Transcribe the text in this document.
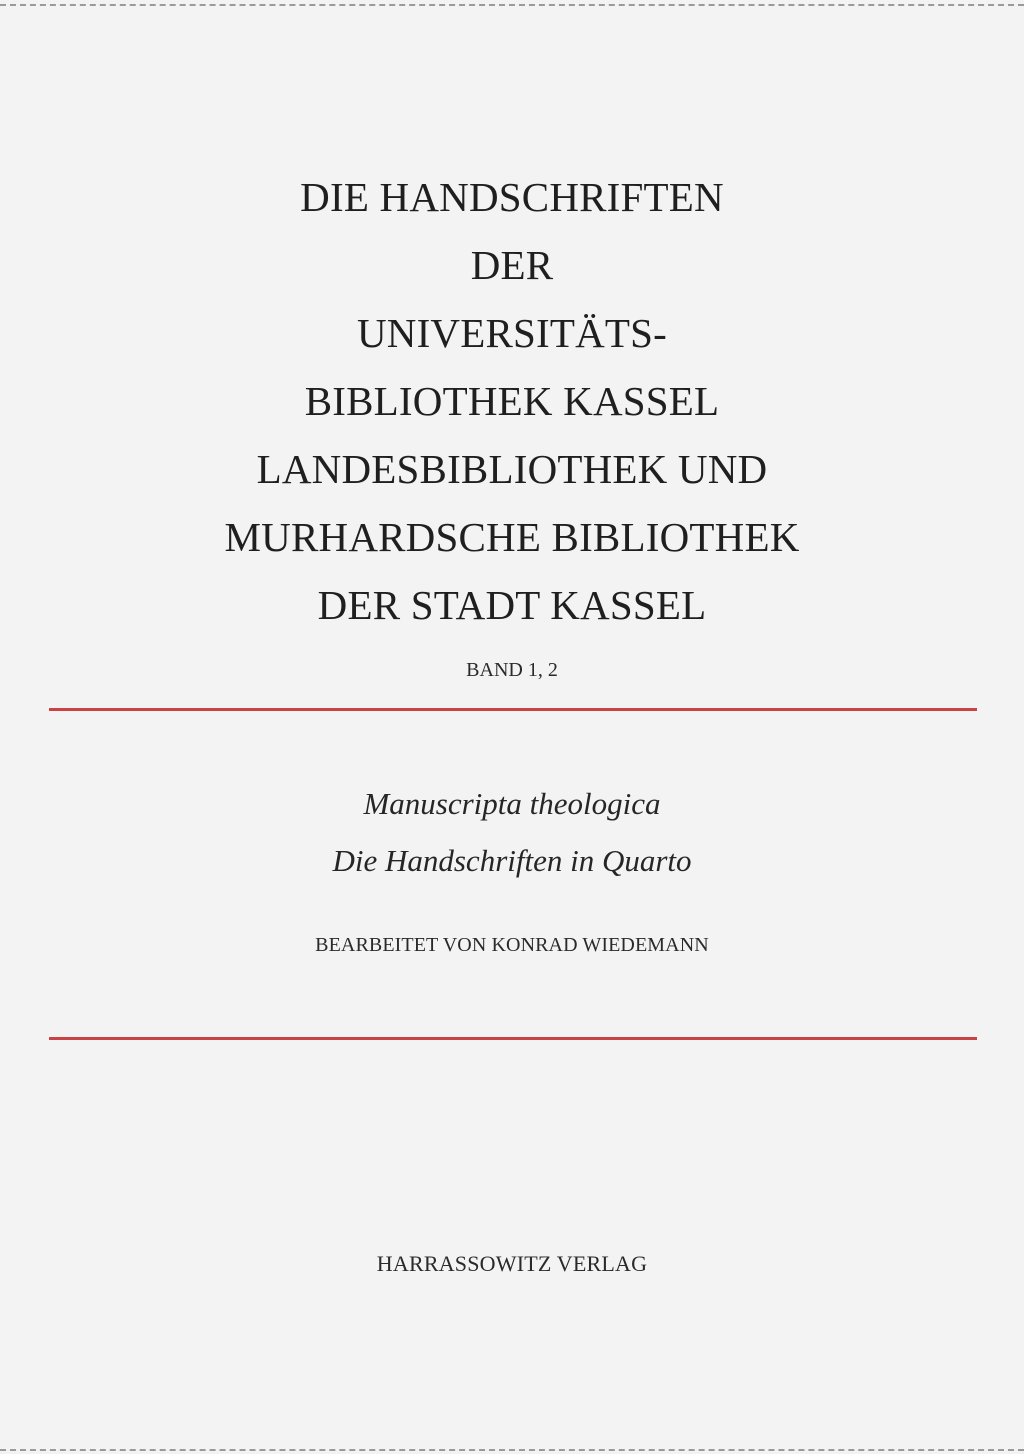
DIE HANDSCHRIFTEN
DER
UNIVERSITÄTS-
BIBLIOTHEK KASSEL
LANDESBIBLIOTHEK UND
MURHARDSCHE BIBLIOTHEK
DER STADT KASSEL
BAND 1, 2
Manuscripta theologica
Die Handschriften in Quarto
BEARBEITET VON KONRAD WIEDEMANN
HARRASSOWITZ VERLAG
